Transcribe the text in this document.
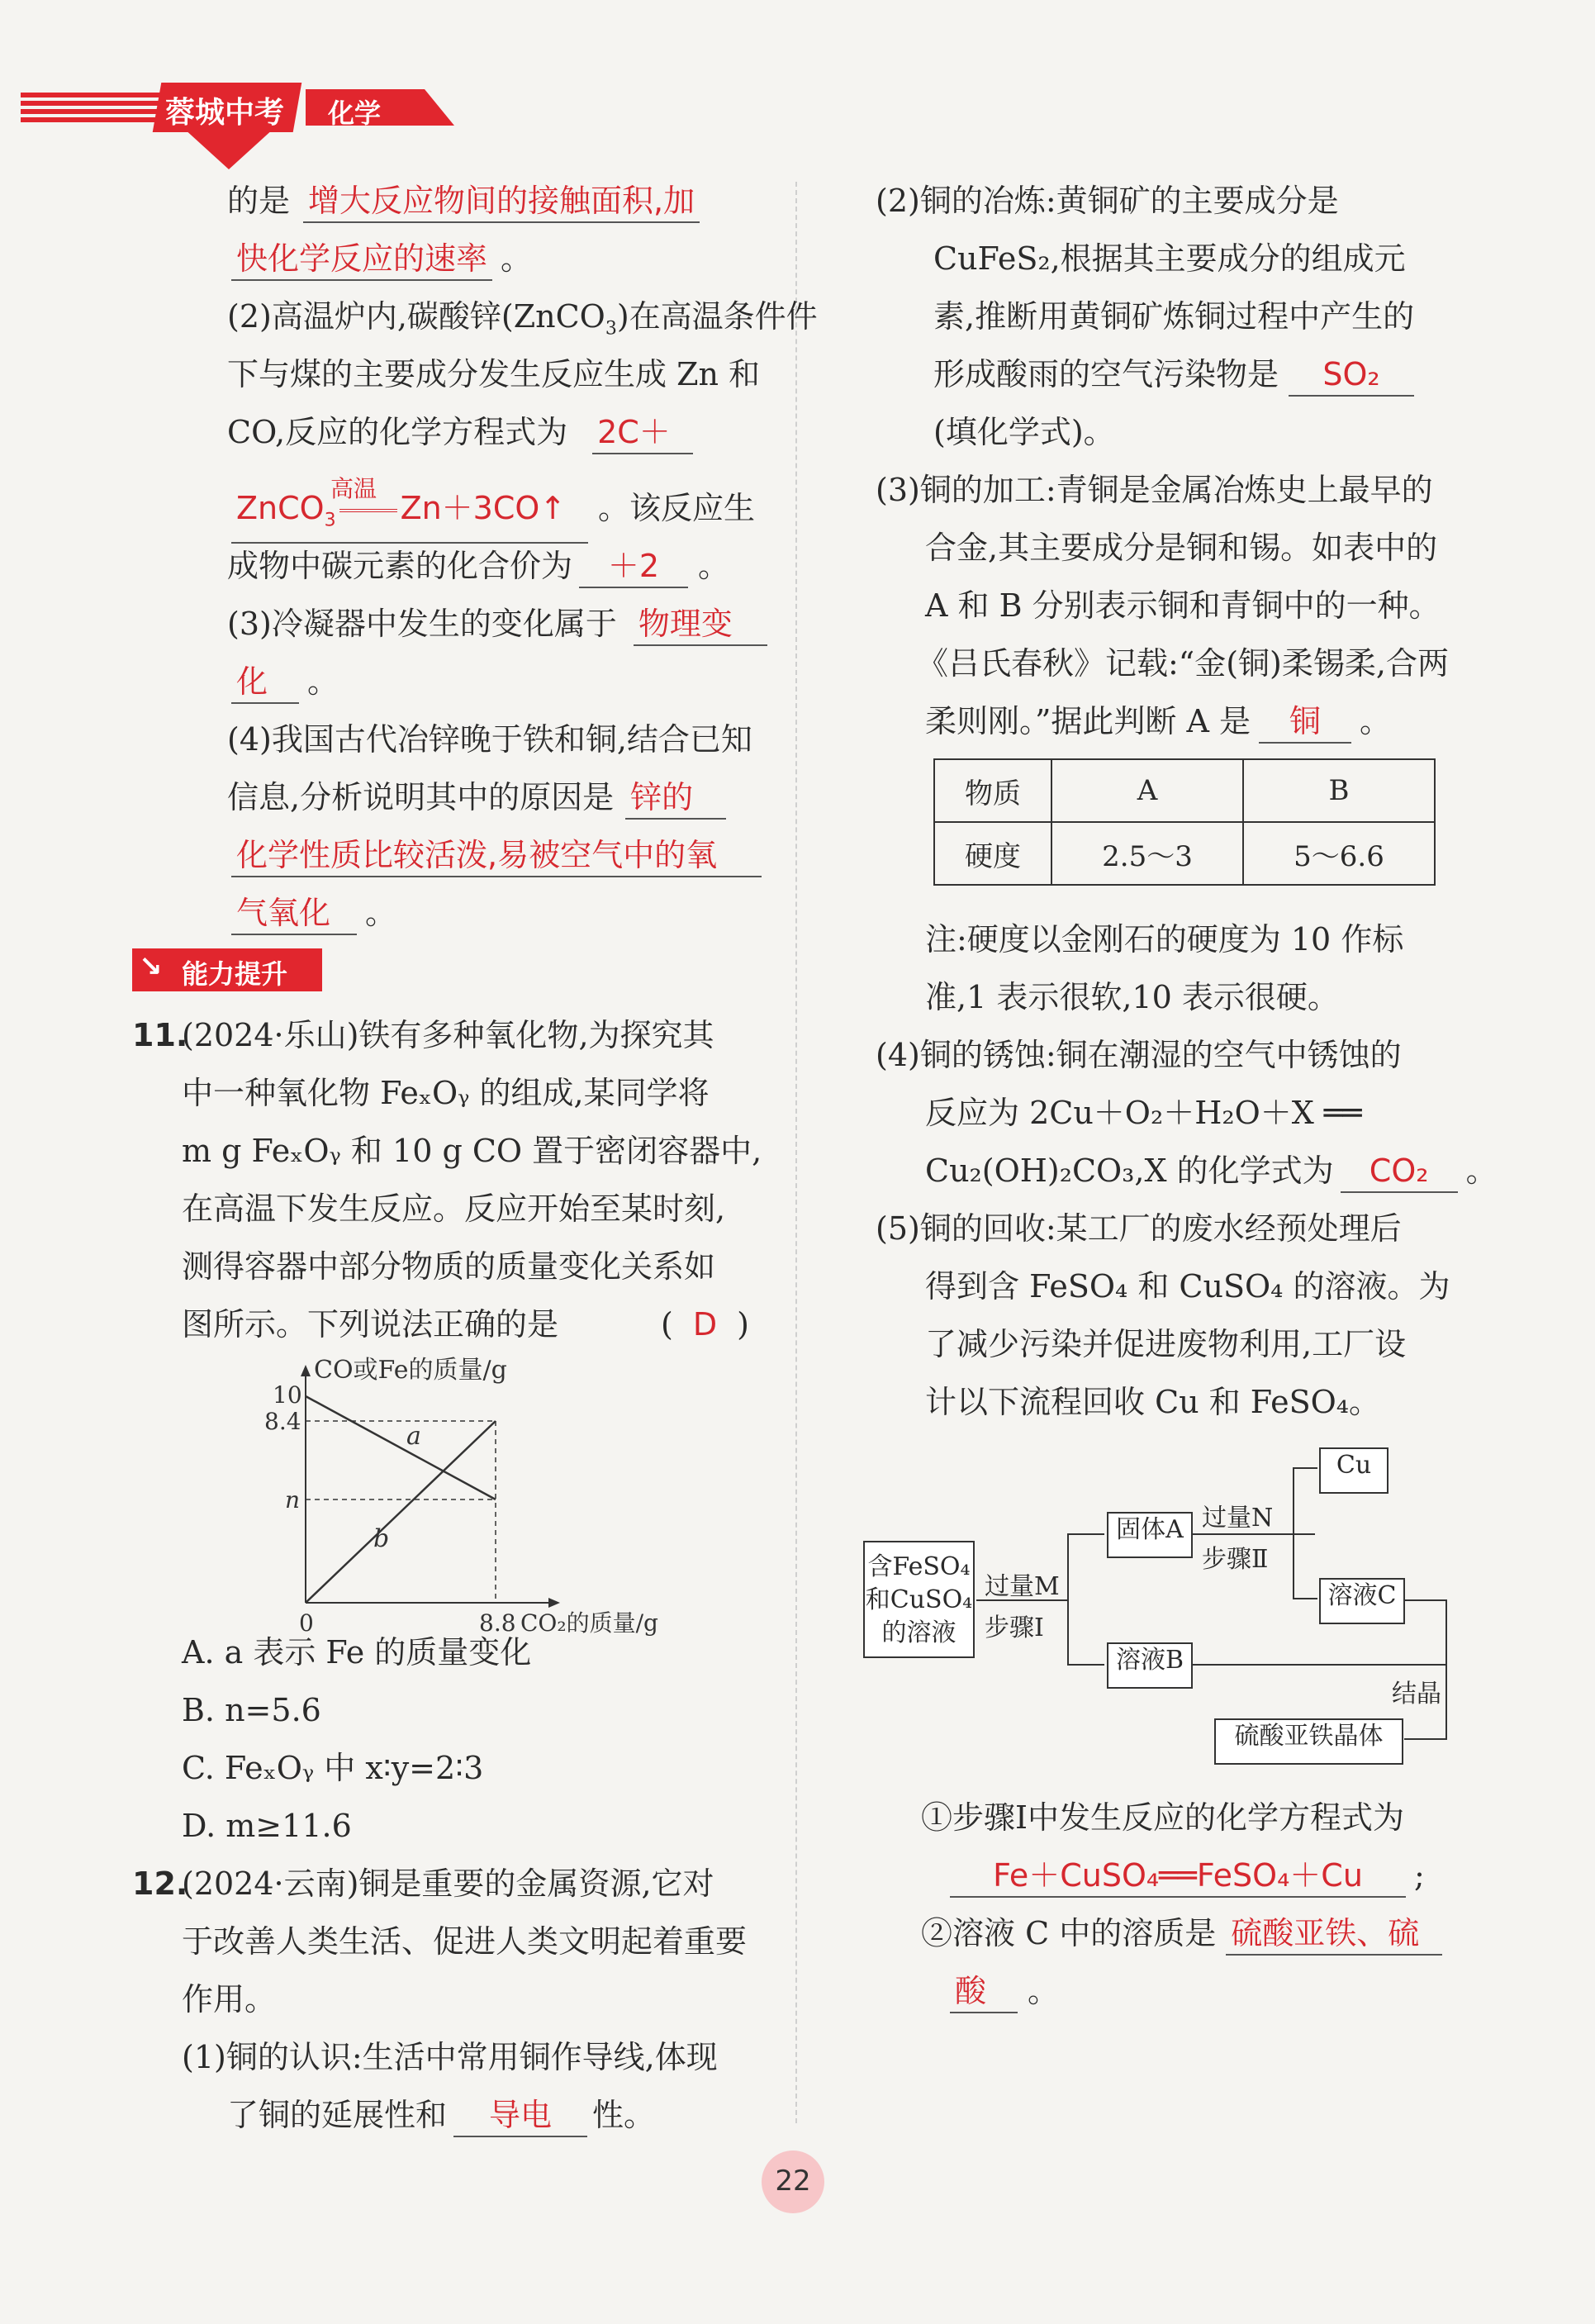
蓉城中考 化学
的是 增大反应物间的接触面积,加
快化学反应的速率 。
(2)高温炉内,碳酸锌(ZnCO$_3$)在高温条件件
下与煤的主要成分发生反应生成 Zn 和
CO,反应的化学方程式为 2C＋
高温
ZnCO$_3$ Zn＋3CO↑ 。该反应生
成物中碳元素的化合价为 ＋2 。
(3)冷凝器中发生的变化属于 物理变
化 。
(4)我国古代冶锌晚于铁和铜,结合已知
信息,分析说明其中的原因是 锌的
化学性质比较活泼,易被空气中的氧
气氧化 。
↘ 能力提升
11.
(2024·乐山)铁有多种氧化物,为探究其
中一种氧化物 FeₓOᵧ 的组成,某同学将
m g FeₓOᵧ 和 10 g CO 置于密闭容器中,
在高温下发生反应。反应开始至某时刻,
测得容器中部分物质的质量变化关系如
图所示。下列说法正确的是	( D )
CO或Fe的质量/g
10
8.4
n
0	8.8 CO₂的质量/g
a
b
A. a 表示 Fe 的质量变化
B. n=5.6
C. FeₓOᵧ 中 x∶y=2∶3
D. m≥11.6
12.
(2024·云南)铜是重要的金属资源,它对
于改善人类生活、促进人类文明起着重要
作用。
(1)铜的认识:生活中常用铜作导线,体现
了铜的延展性和 导电 性。
(2)铜的冶炼:黄铜矿的主要成分是
CuFeS₂,根据其主要成分的组成元
素,推断用黄铜矿炼铜过程中产生的
形成酸雨的空气污染物是 SO₂
(填化学式)。
(3)铜的加工:青铜是金属冶炼史上最早的
合金,其主要成分是铜和锡。如表中的
A 和 B 分别表示铜和青铜中的一种。
《吕氏春秋》记载:“金(铜)柔锡柔,合两
柔则刚。”据此判断 A 是 铜 。
物质	A	B
硬度	2.5～3	5～6.6
注:硬度以金刚石的硬度为 10 作标
准,1 表示很软,10 表示很硬。
(4)铜的锈蚀:铜在潮湿的空气中锈蚀的
反应为 2Cu＋O₂＋H₂O＋X ══
Cu₂(OH)₂CO₃,X 的化学式为 CO₂ 。
(5)铜的回收:某工厂的废水经预处理后
得到含 FeSO₄ 和 CuSO₄ 的溶液。为
了减少污染并促进废物利用,工厂设
计以下流程回收 Cu 和 FeSO₄。
含FeSO₄
和CuSO₄
的溶液
过量M
步骤Ⅰ
固体A
溶液B
过量N
步骤Ⅱ
Cu
溶液C
结晶
硫酸亚铁晶体
①步骤Ⅰ中发生反应的化学方程式为
Fe＋CuSO₄══FeSO₄＋Cu ;
②溶液 C 中的溶质是 硫酸亚铁、硫
酸 。
22
